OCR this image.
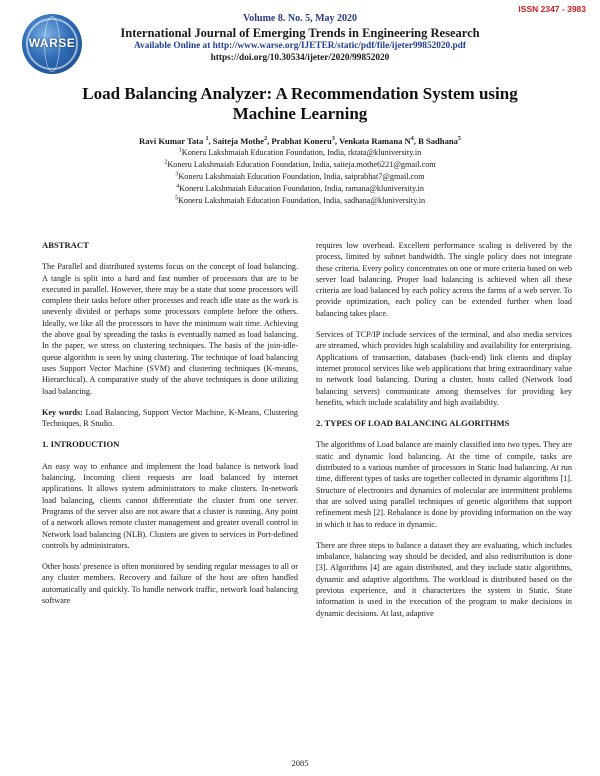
WARSE
ISSN 2347 - 3983
Volume 8. No. 5, May 2020
International Journal of Emerging Trends in Engineering Research
Available Online at http://www.warse.org/IJETER/static/pdf/file/ijeter99852020.pdf
https://doi.org/10.30534/ijeter/2020/99852020
Load Balancing Analyzer: A Recommendation System using
Machine Learning
Ravi Kumar Tata $^1$, Saiteja Mothe$^2$, Prabhat Koneru$^3$, Venkata Ramana $N^4$, B Sadhana$^5$
$^1$Koneru Lakshmaiah Education Foundation, India, rktata@kluniversity.in
$^2$Koneru Lakshmaiah Education Foundation, India, saiteja.mothe6221@gmail.com
$^3$Koneru Lakshmaiah Education Foundation, India, saiprabhat7@gmail.com
$^4$Koneru Lakshmaiah Education Foundation, India, ramana@kluniversity.in
$^5$Koneru Lakshmaiah Education Foundation, India, sadhana@kluniversity.in
ABSTRACT

The Parallel and distributed systems focus on the concept of load balancing. A tangle is split into a hard and fast number of processors that are to be executed in parallel. However, there may be a state that some processors will complete their tasks before other processes and reach idle state as the work is unevenly divided or perhaps some processors complete before the others. Ideally, we like all the processors to have the minimum wait time. Achieving the above goal by spreading the tasks is eventually named as load balancing. In the paper, we stress on clustering techniques. The basis of the join-idle-queue algorithm is seen by using clustering. The technique of load balancing uses Support Vector Machine (SVM) and clustering techniques (K-means, Hierarchical). A comparative study of the above techniques is done utilizing load balancing.

Key words: Load Balancing, Support Vector Machine, K-Means, Clustering Techniques, R Studio.

1. INTRODUCTION

An easy way to enhance and implement the load balance is network load balancing. Incoming client requests are load balanced by internet applications. It allows system administrators to make clusters. In-network load balancing, clients cannot differentiate the cluster from one server. Programs of the server also are not aware that a cluster is running. Any point of a network allows remote cluster management and greater overall control in Network load balancing (NLB). Clusters are given to services in Port-defined controls by administrators.

Other hosts' presence is often monitored by sending regular messages to all or any cluster members. Recovery and failure of the host are often handled automatically and quickly. To handle network traffic, network load balancing software

requires low overhead. Excellent performance scaling is delivered by the process, limited by subnet bandwidth. The single policy does not integrate these criteria. Every policy concentrates on one or more criteria based on web server load balancing. Proper load balancing is achieved when all these criteria are load balanced by each policy across the farms of a web server. To provide optimization, each policy can be extended further when load balancing takes place.

Services of TCP/IP include services of the terminal, and also media services are streamed, which provides high scalability and availability for enterprising. Applications of transaction, databases (back-end) link clients and display internet protocol services like web applications that bring extraordinary value to network load balancing. During a cluster, hosts called (Network load balancing servers) communicate among themselves for providing key benefits, which include scalability and high availability.

2. TYPES OF LOAD BALANCING ALGORITHMS

The algorithms of Load balance are mainly classified into two types. They are static and dynamic load balancing. At the time of compile, tasks are distributed to a various number of processors in Static load balancing. At run time, different types of tasks are together collected in dynamic algorithms [1]. Structure of electronics and dynamics of molecular are intermittent problems that are solved using parallel techniques of genetic algorithms that support refinement mesh [2]. Rebalance is done by providing information on the way in which it has to reduce in dynamic.

There are three steps to balance a dataset they are evaluating, which includes imbalance, balancing way should be decided, and also redistribution is done [3]. Algorithms [4] are again distributed, and they include static algorithms, dynamic and adaptive algorithms. The workload is distributed based on the previous experience, and it characterizes the system in Static. State information is used in the execution of the program to make decisions in dynamic decisions. At last, adaptive

2085
